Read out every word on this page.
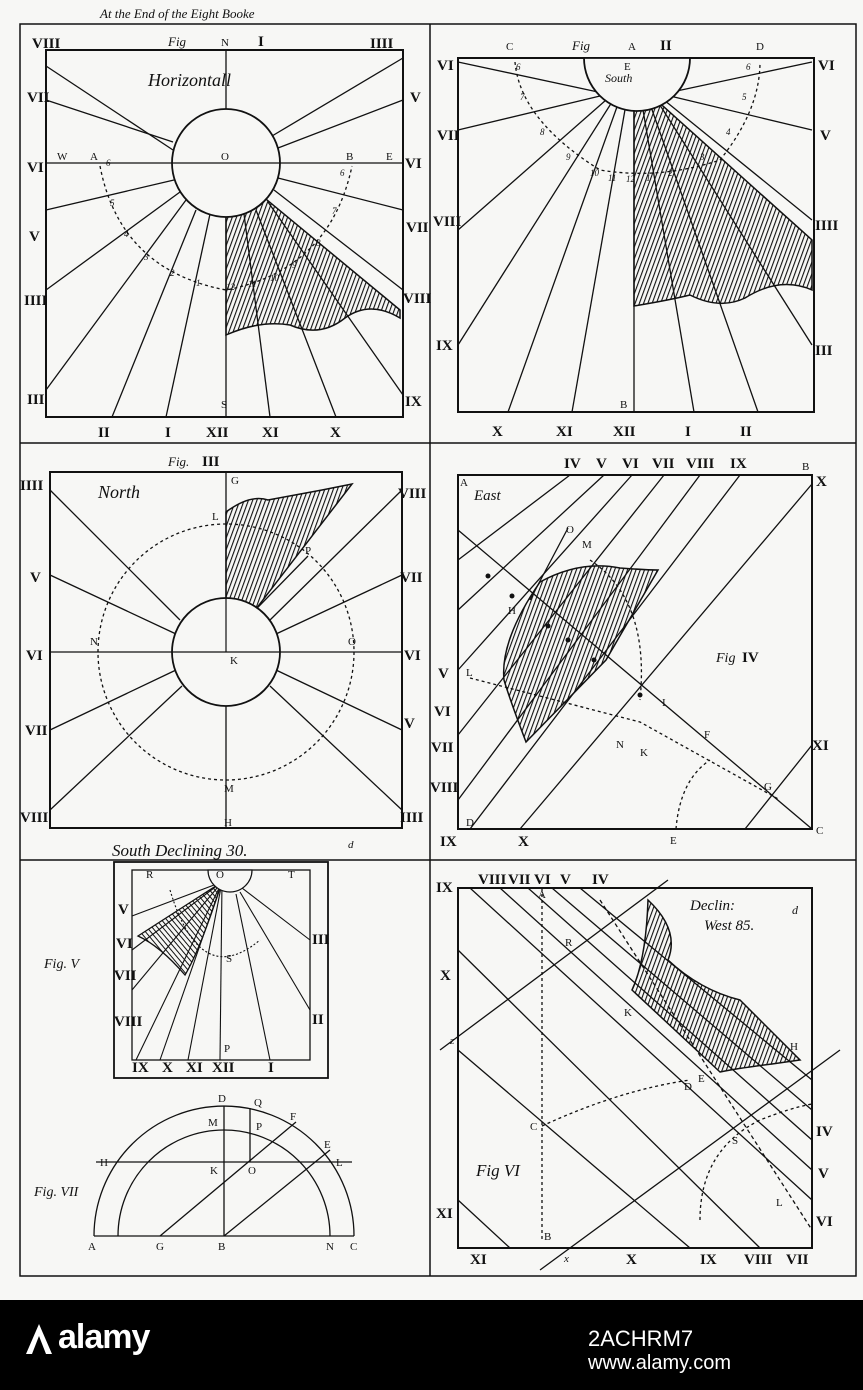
At the End of the Eight Booke
Horizontall
Fig	I
N
O
S
W	E
A	B
VIII
VII
VI
V
IIII
III
IIII
V
VI
VII
VIII
IX
II	I XII XI	X
6
5
4
3
2
1	12 11
10
9
8
7
6
South
Fig	II
A
B
C	D
E
VI
VII
VIII
IX
VI
V
IIII
III
X	XI	XII	I	II
6
7
8
9
10 11 12 1 2
3
4
5
6
Fig. III
North
G
L
P
N	O
K
M
H
IIII
V
VI
VII
VIII
VIII
VII
VI
V
IIII
East
Fig IV
A
B
O
M
H
L
I
N
K
F
G
D
E
C
IV V VI VII VIII IX
V
VI
VII
VIII
X
XI
IX	X
South Declining 30.	d
Fig. V
R	O	T
S
P
V
VI
VII
VIII
III
II
IX X XI XII I
Fig. VII
D	Q
M	P
F
H
E
K	O
L
A	G	B	N C
Declin:	d
West 85.
Fig VI
A
R
K
H
D
E
C
S
L
B
x
z
VIII VII VI V IV
IX
X
XI
IV
V
VI
XI	X	IX VIII VII
alamy	2ACHRM7
www.alamy.com
